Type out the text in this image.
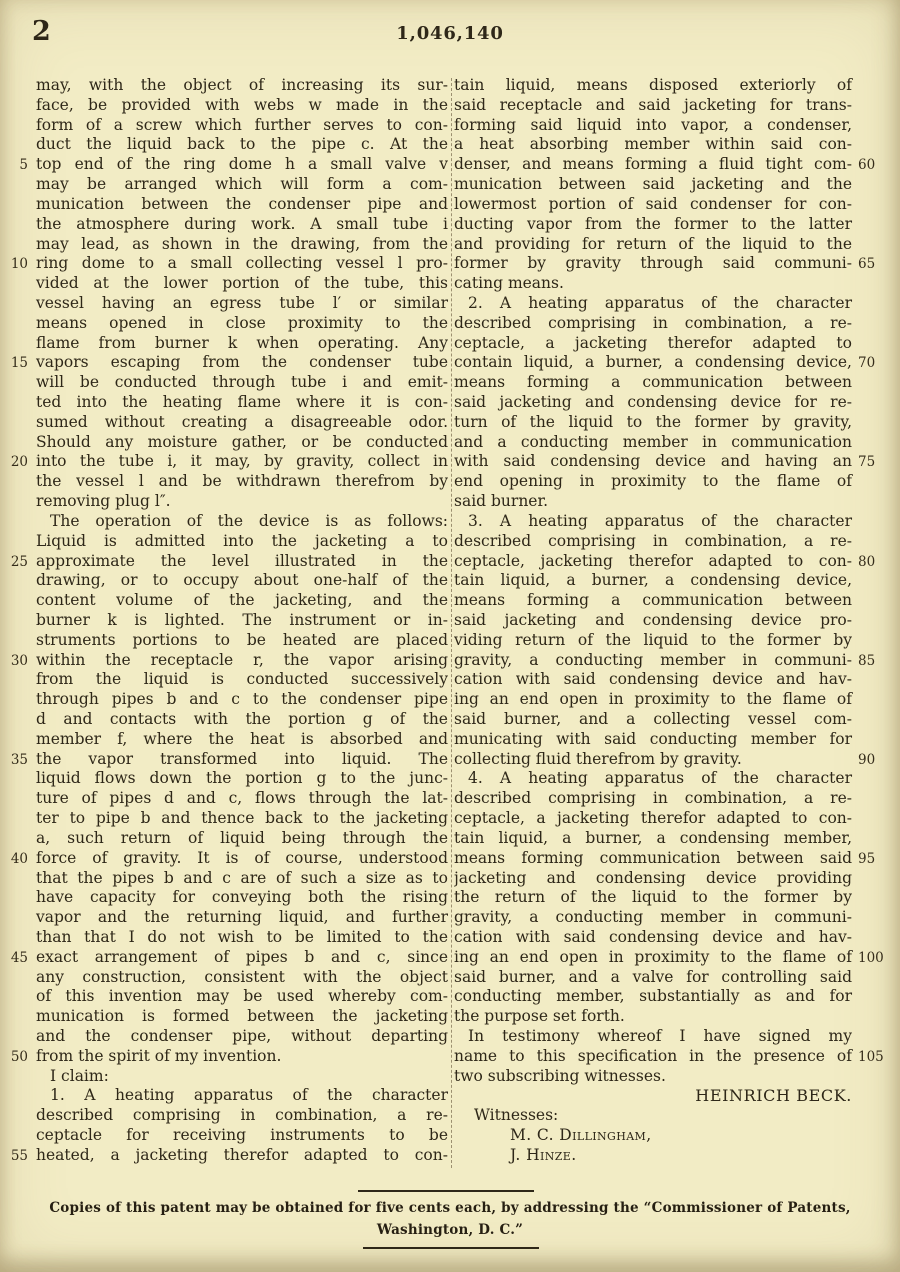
2	1,046,140
may, with the object of increasing its sur-
face, be provided with webs w made in the
form of a screw which further serves to con-
duct the liquid back to the pipe c. At the
5 top end of the ring dome h a small valve v
may be arranged which will form a com-
munication between the condenser pipe and
the atmosphere during work. A small tube i
may lead, as shown in the drawing, from the
10 ring dome to a small collecting vessel l pro-
vided at the lower portion of the tube, this
vessel having an egress tube l′ or similar
means opened in close proximity to the
flame from burner k when operating. Any
15 vapors escaping from the condenser tube
will be conducted through tube i and emit-
ted into the heating flame where it is con-
sumed without creating a disagreeable odor.
Should any moisture gather, or be conducted
20 into the tube i, it may, by gravity, collect in
the vessel l and be withdrawn therefrom by
removing plug l″.
The operation of the device is as follows:
Liquid is admitted into the jacketing a to
25 approximate the level illustrated in the
drawing, or to occupy about one-half of the
content volume of the jacketing, and the
burner k is lighted. The instrument or in-
struments portions to be heated are placed
30 within the receptacle r, the vapor arising
from the liquid is conducted successively
through pipes b and c to the condenser pipe
d and contacts with the portion g of the
member f, where the heat is absorbed and
35 the vapor transformed into liquid. The
liquid flows down the portion g to the junc-
ture of pipes d and c, flows through the lat-
ter to pipe b and thence back to the jacketing
a, such return of liquid being through the
40 force of gravity. It is of course, understood
that the pipes b and c are of such a size as to
have capacity for conveying both the rising
vapor and the returning liquid, and further
than that I do not wish to be limited to the
45 exact arrangement of pipes b and c, since
any construction, consistent with the object
of this invention may be used whereby com-
munication is formed between the jacketing
and the condenser pipe, without departing
50 from the spirit of my invention.
I claim:
1. A heating apparatus of the character
described comprising in combination, a re-
ceptacle for receiving instruments to be
55 heated, a jacketing therefor adapted to con-
tain liquid, means disposed exteriorly of
said receptacle and said jacketing for trans-
forming said liquid into vapor, a condenser,
a heat absorbing member within said con-
denser, and means forming a fluid tight com- 60
munication between said jacketing and the
lowermost portion of said condenser for con-
ducting vapor from the former to the latter
and providing for return of the liquid to the
former by gravity through said communi- 65
cating means.
2. A heating apparatus of the character
described comprising in combination, a re-
ceptacle, a jacketing therefor adapted to
contain liquid, a burner, a condensing device, 70
means forming a communication between
said jacketing and condensing device for re-
turn of the liquid to the former by gravity,
and a conducting member in communication
with said condensing device and having an 75
end opening in proximity to the flame of
said burner.
3. A heating apparatus of the character
described comprising in combination, a re-
ceptacle, jacketing therefor adapted to con- 80
tain liquid, a burner, a condensing device,
means forming a communication between
said jacketing and condensing device pro-
viding return of the liquid to the former by
gravity, a conducting member in communi- 85
cation with said condensing device and hav-
ing an end open in proximity to the flame of
said burner, and a collecting vessel com-
municating with said conducting member for
collecting fluid therefrom by gravity.	90
4. A heating apparatus of the character
described comprising in combination, a re-
ceptacle, a jacketing therefor adapted to con-
tain liquid, a burner, a condensing member,
means forming communication between said 95
jacketing and condensing device providing
the return of the liquid to the former by
gravity, a conducting member in communi-
cation with said condensing device and hav-
ing an end open in proximity to the flame of 100
said burner, and a valve for controlling said
conducting member, substantially as and for
the purpose set forth.
In testimony whereof I have signed my
name to this specification in the presence of 105
two subscribing witnesses.
HEINRICH BECK.
Witnesses:
M. C. Dillingham,
J. Hinze.
Copies of this patent may be obtained for five cents each, by addressing the “Commissioner of Patents,
Washington, D. C.”
